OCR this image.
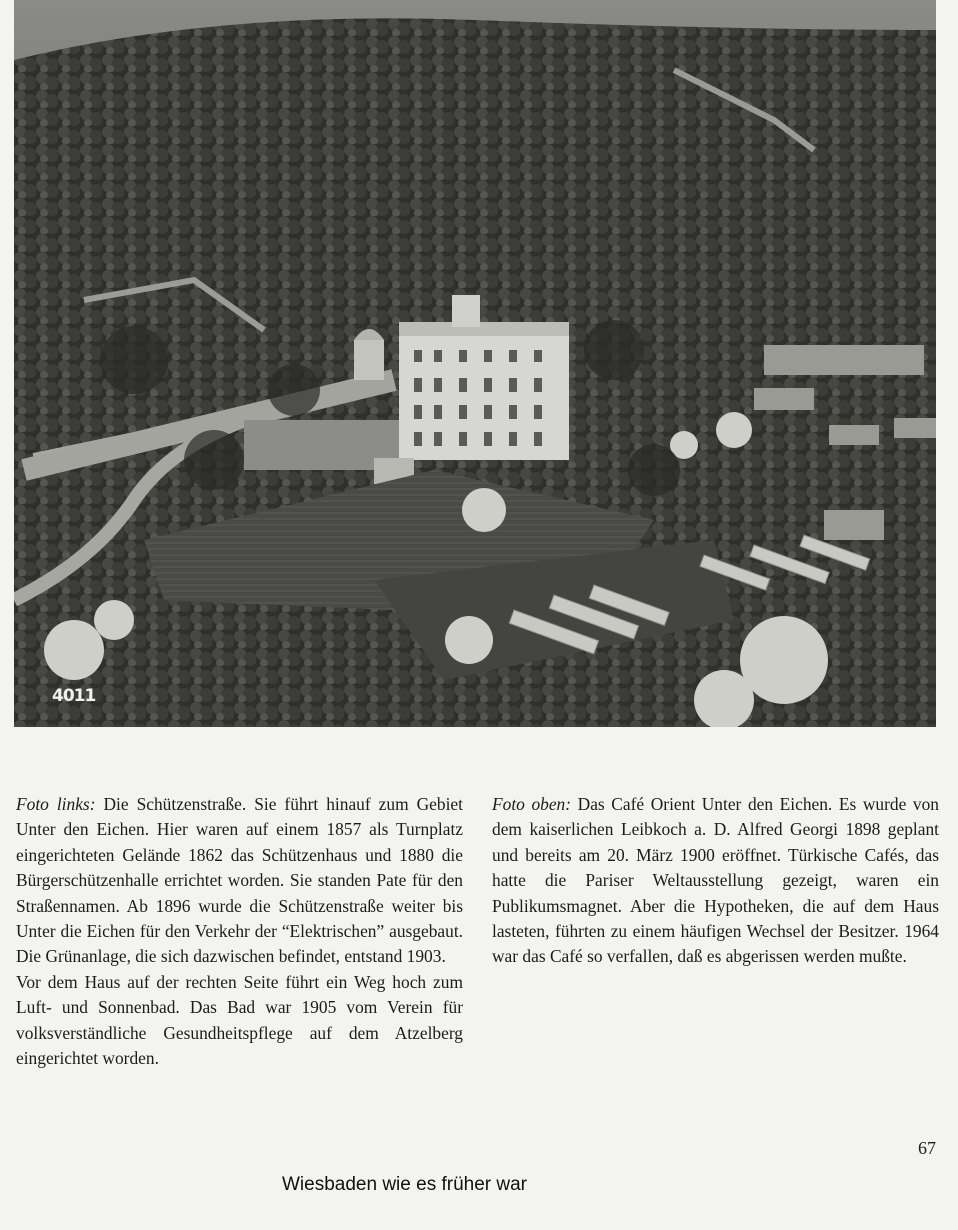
4011

Foto links: Die Schützenstraße. Sie führt hinauf zum Gebiet Unter den Eichen. Hier waren auf einem 1857 als Turnplatz eingerichteten Gelände 1862 das Schützenhaus und 1880 die Bürgerschützenhalle errichtet worden. Sie standen Pate für den Straßennamen. Ab 1896 wurde die Schützenstraße weiter bis Unter die Eichen für den Verkehr der “Elektrischen” ausgebaut. Die Grünanlage, die sich dazwischen befindet, entstand 1903.

Vor dem Haus auf der rechten Seite führt ein Weg hoch zum Luft- und Sonnenbad. Das Bad war 1905 vom Verein für volksverständliche Gesundheitspflege auf dem Atzelberg eingerichtet worden.

Foto oben: Das Café Orient Unter den Eichen. Es wurde von dem kaiserlichen Leibkoch a. D. Alfred Georgi 1898 geplant und bereits am 20. März 1900 eröffnet. Türkische Cafés, das hatte die Pariser Weltausstellung gezeigt, waren ein Publikumsmagnet. Aber die Hypotheken, die auf dem Haus lasteten, führten zu einem häufigen Wechsel der Besitzer. 1964 war das Café so verfallen, daß es abgerissen werden mußte.

67
Wiesbaden wie es früher war
